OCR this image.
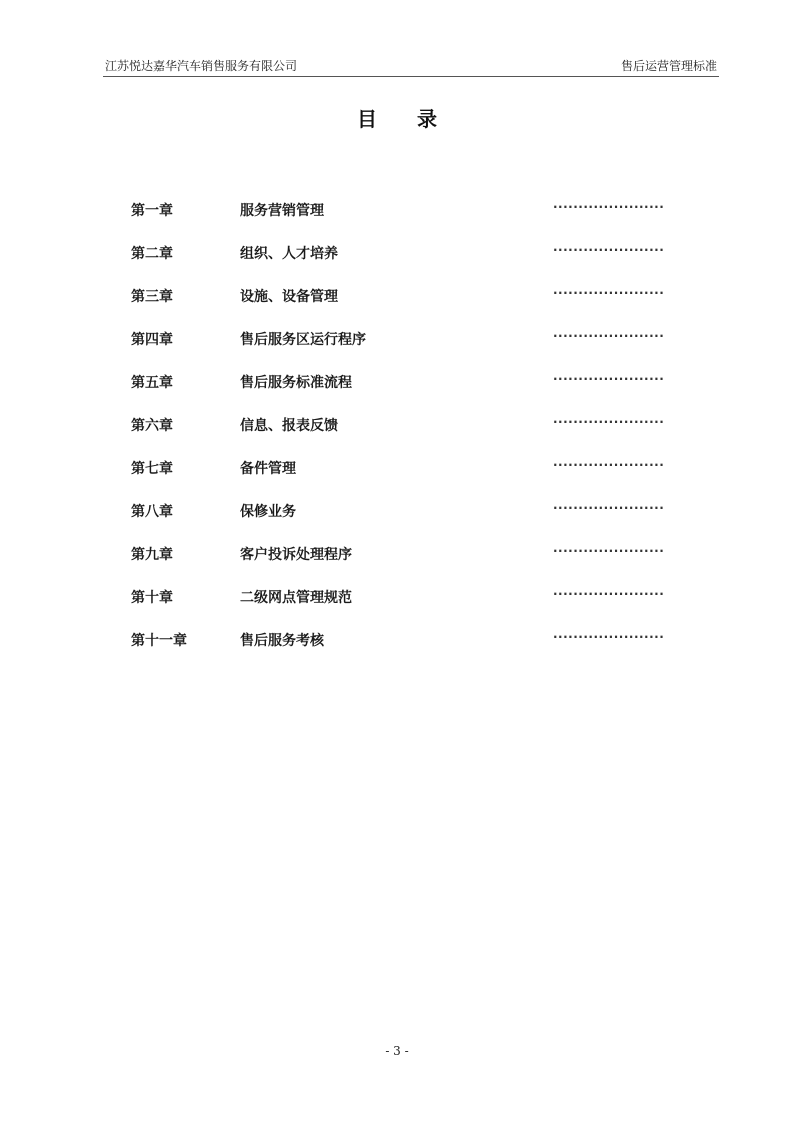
江苏悦达嘉华汽车销售服务有限公司	售后运营管理标准
目录
第一章	服务营销管理	······················
第二章	组织、人才培养	······················
第三章	设施、设备管理	······················
第四章	售后服务区运行程序	······················
第五章	售后服务标准流程	······················
第六章	信息、报表反馈	······················
第七章	备件管理	······················
第八章	保修业务	······················
第九章	客户投诉处理程序	······················
第十章	二级网点管理规范	······················
第十一章	售后服务考核	······················
- 3 -
